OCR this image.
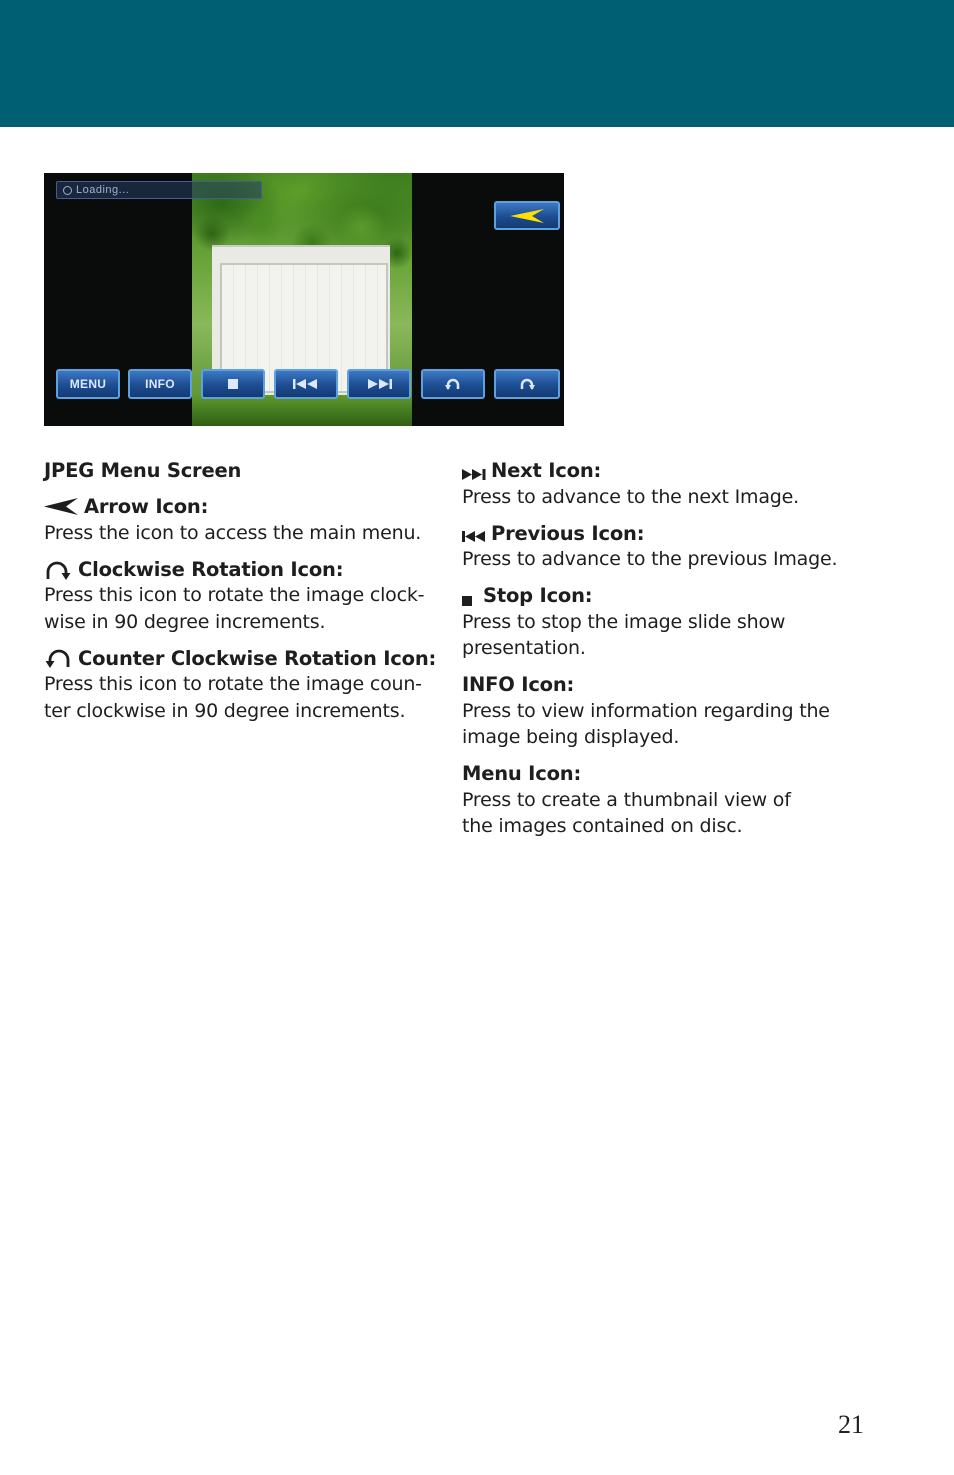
Loading...
MENU	INFO
JPEG Menu Screen
Arrow Icon:
Press the icon to access the main menu.
Clockwise Rotation Icon:
Press this icon to rotate the image clock-
wise in 90 degree increments.
Counter Clockwise Rotation Icon:
Press this icon to rotate the image coun-
ter clockwise in 90 degree increments.
Next Icon:
Press to advance to the next Image.
Previous Icon:
Press to advance to the previous Image.
Stop Icon:
Press to stop the image slide show
presentation.
INFO Icon:
Press to view information regarding the
image being displayed.
Menu Icon:
Press to create a thumbnail view of
the images contained on disc.
21
